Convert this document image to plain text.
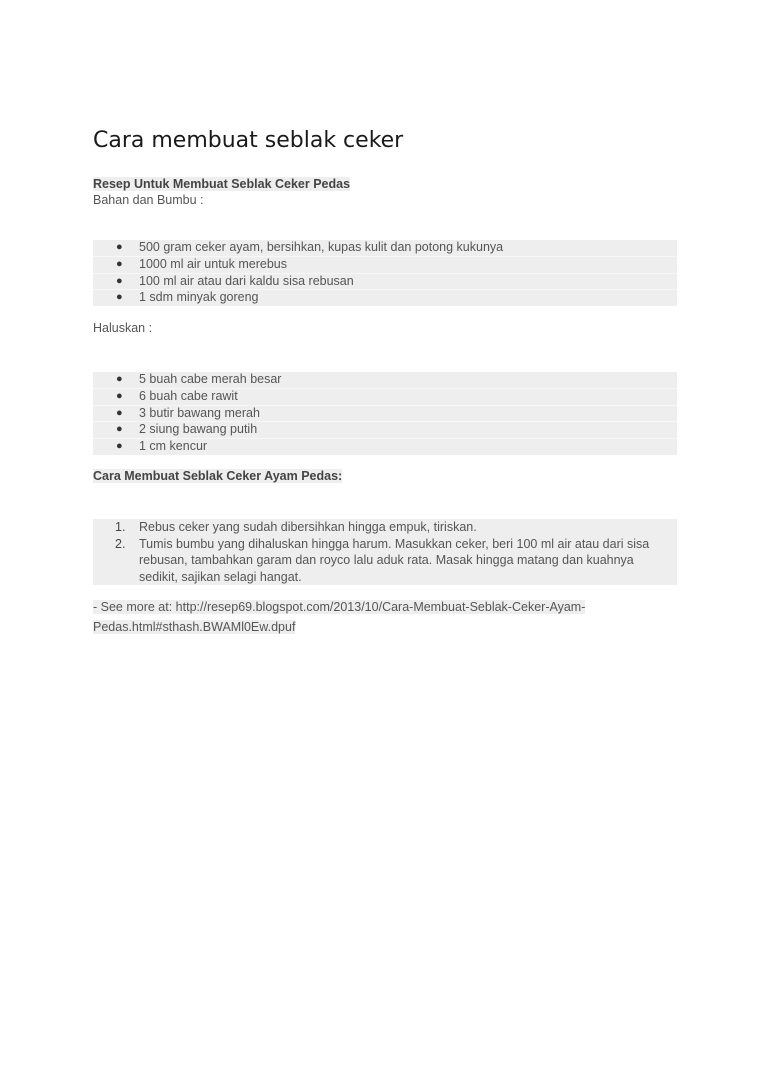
Cara membuat seblak ceker
Resep Untuk Membuat Seblak Ceker Pedas
Bahan dan Bumbu :
● 500 gram ceker ayam, bersihkan, kupas kulit dan potong kukunya
● 1000 ml air untuk merebus
● 100 ml air atau dari kaldu sisa rebusan
● 1 sdm minyak goreng
Haluskan :
● 5 buah cabe merah besar
● 6 buah cabe rawit
● 3 butir bawang merah
● 2 siung bawang putih
● 1 cm kencur
Cara Membuat Seblak Ceker Ayam Pedas:
1. Rebus ceker yang sudah dibersihkan hingga empuk, tiriskan.
2. Tumis bumbu yang dihaluskan hingga harum. Masukkan ceker, beri 100 ml air atau dari sisa rebusan, tambahkan garam dan royco lalu aduk rata. Masak hingga matang dan kuahnya sedikit, sajikan selagi hangat.
- See more at: http://resep69.blogspot.com/2013/10/Cara-Membuat-Seblak-Ceker-Ayam-Pedas.html#sthash.BWAMl0Ew.dpuf
